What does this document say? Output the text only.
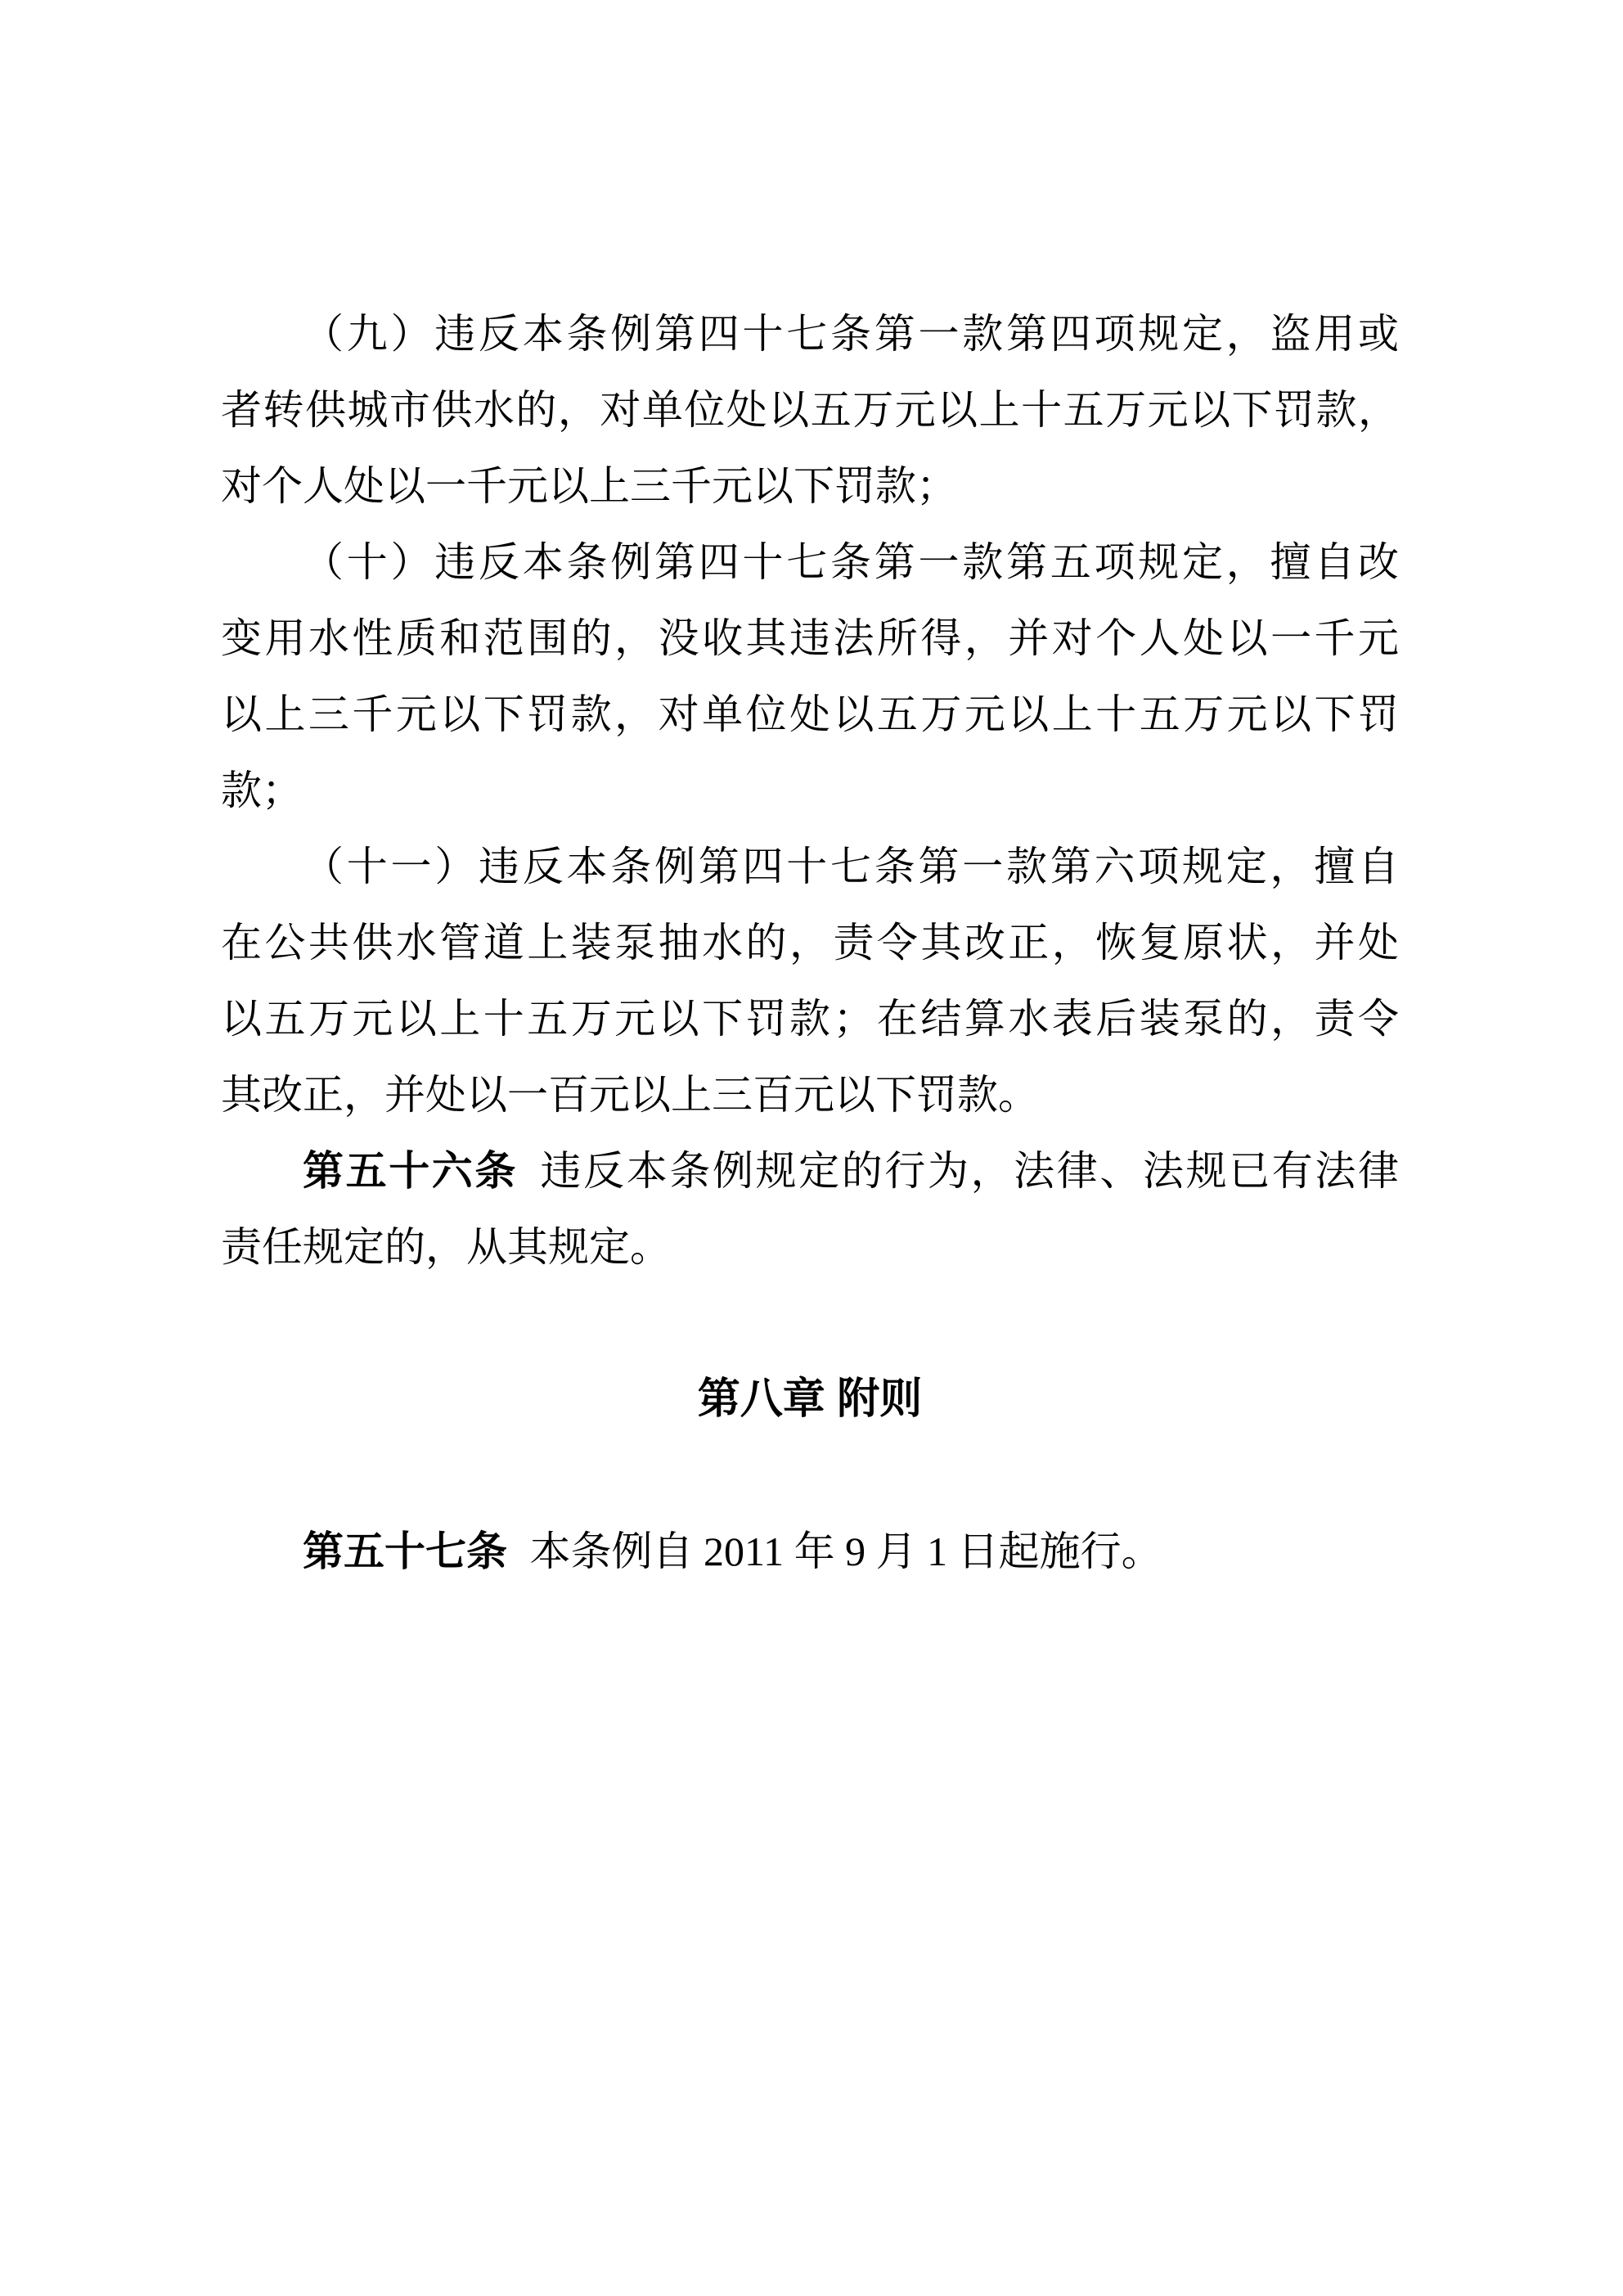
（九）违反本条例第四十七条第一款第四项规定，盗用或
者转供城市供水的，对单位处以五万元以上十五万元以下罚款，
对个人处以一千元以上三千元以下罚款；
（十）违反本条例第四十七条第一款第五项规定，擅自改
变用水性质和范围的，没收其违法所得，并对个人处以一千元
以上三千元以下罚款，对单位处以五万元以上十五万元以下罚
款；
（十一）违反本条例第四十七条第一款第六项规定，擅自
在公共供水管道上装泵抽水的，责令其改正，恢复原状，并处
以五万元以上十五万元以下罚款；在结算水表后装泵的，责令
其改正，并处以一百元以上三百元以下罚款。
第五十六条 违反本条例规定的行为，法律、法规已有法律
责任规定的，从其规定。
第八章 附则
第五十七条 本条例自 2011 年 9 月 1 日起施行。
